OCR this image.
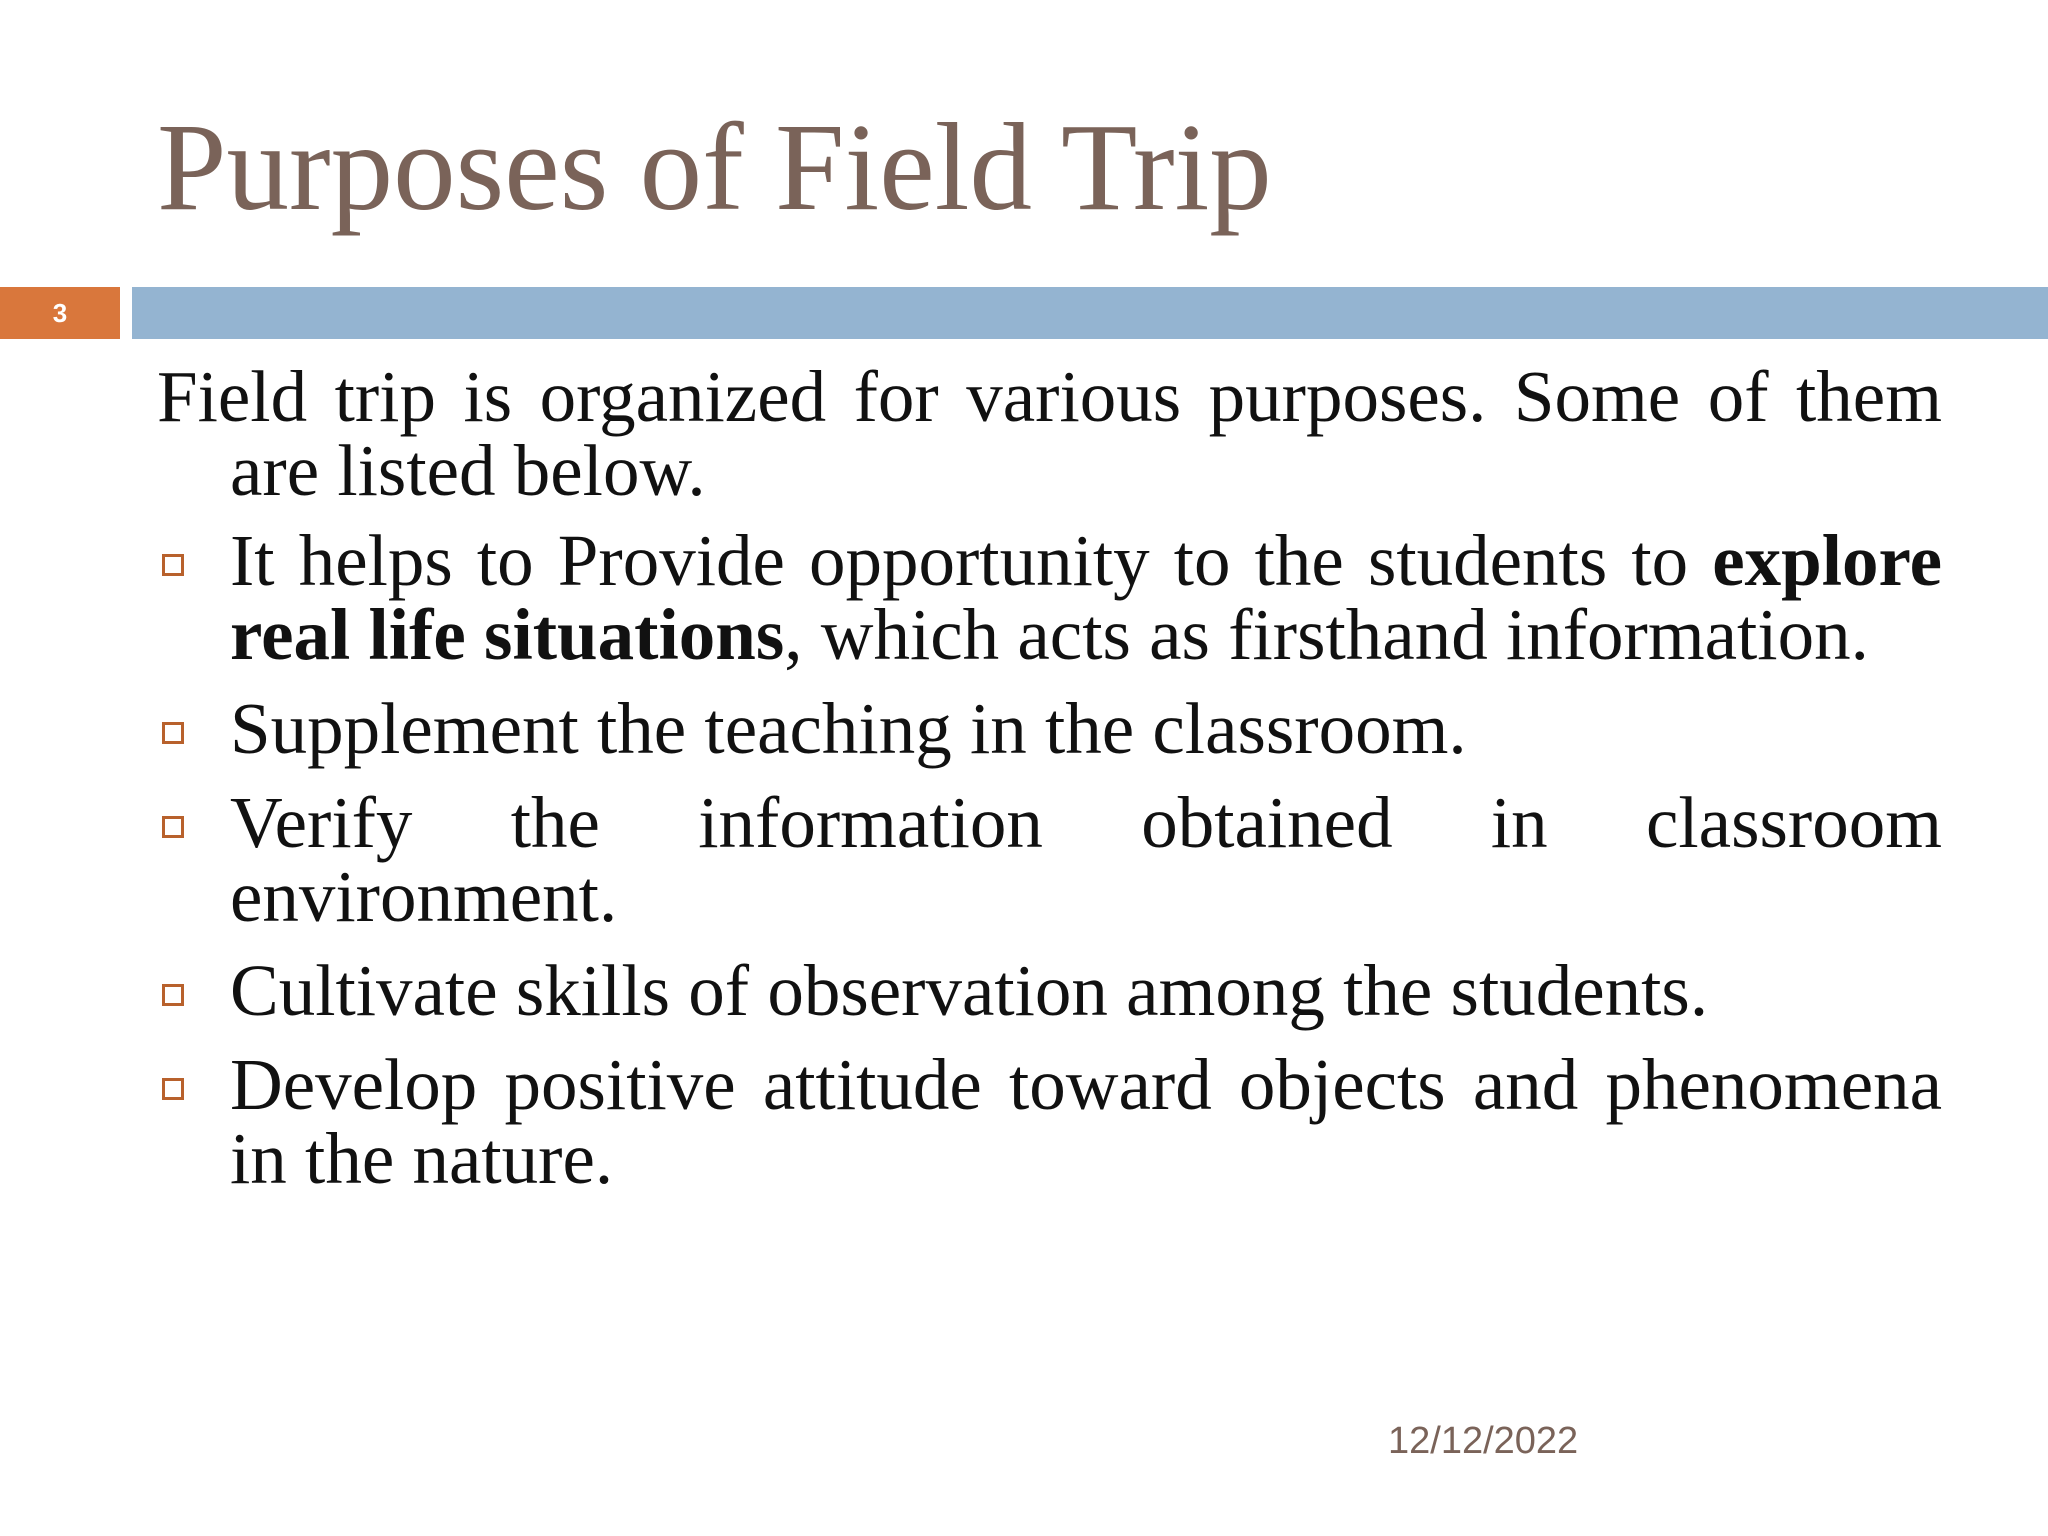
Purposes of Field Trip
3

Field trip is organized for various purposes. Some of them are listed below.

It helps to Provide opportunity to the students to explore real life situations, which acts as firsthand information.
Supplement the teaching in the classroom.
Verify the information obtained in classroom environment.
Cultivate skills of observation among the students.
Develop positive attitude toward objects and phenomena in the nature.
12/12/2022
